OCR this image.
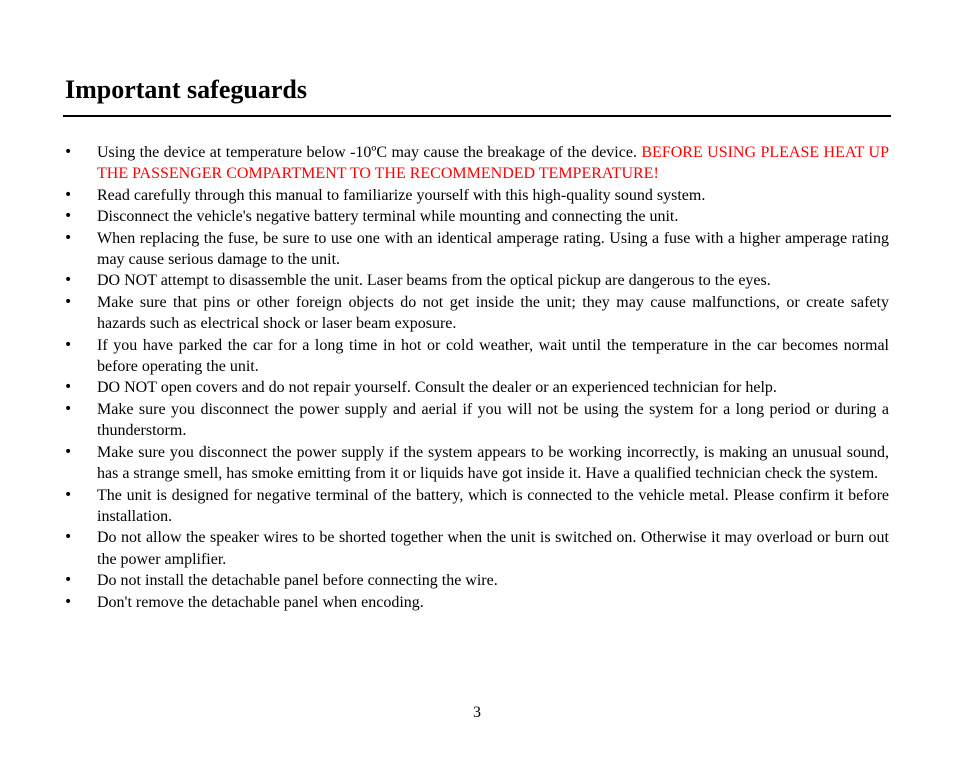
Important safeguards
• Using the device at temperature below -10ºC may cause the breakage of the device. BEFORE USING PLEASE HEAT UP THE PASSENGER COMPARTMENT TO THE RECOMMENDED TEMPERATURE!
• Read carefully through this manual to familiarize yourself with this high-quality sound system.
• Disconnect the vehicle's negative battery terminal while mounting and connecting the unit.
• When replacing the fuse, be sure to use one with an identical amperage rating. Using a fuse with a higher amperage rating may cause serious damage to the unit.
• DO NOT attempt to disassemble the unit. Laser beams from the optical pickup are dangerous to the eyes.
• Make sure that pins or other foreign objects do not get inside the unit; they may cause malfunctions, or create safety hazards such as electrical shock or laser beam exposure.
• If you have parked the car for a long time in hot or cold weather, wait until the temperature in the car becomes normal before operating the unit.
• DO NOT open covers and do not repair yourself. Consult the dealer or an experienced technician for help.
• Make sure you disconnect the power supply and aerial if you will not be using the system for a long period or during a thunderstorm.
• Make sure you disconnect the power supply if the system appears to be working incorrectly, is making an unusual sound, has a strange smell, has smoke emitting from it or liquids have got inside it. Have a qualified technician check the system.
• The unit is designed for negative terminal of the battery, which is connected to the vehicle metal. Please confirm it before installation.
• Do not allow the speaker wires to be shorted together when the unit is switched on. Otherwise it may overload or burn out the power amplifier.
• Do not install the detachable panel before connecting the wire.
• Don't remove the detachable panel when encoding.
3
